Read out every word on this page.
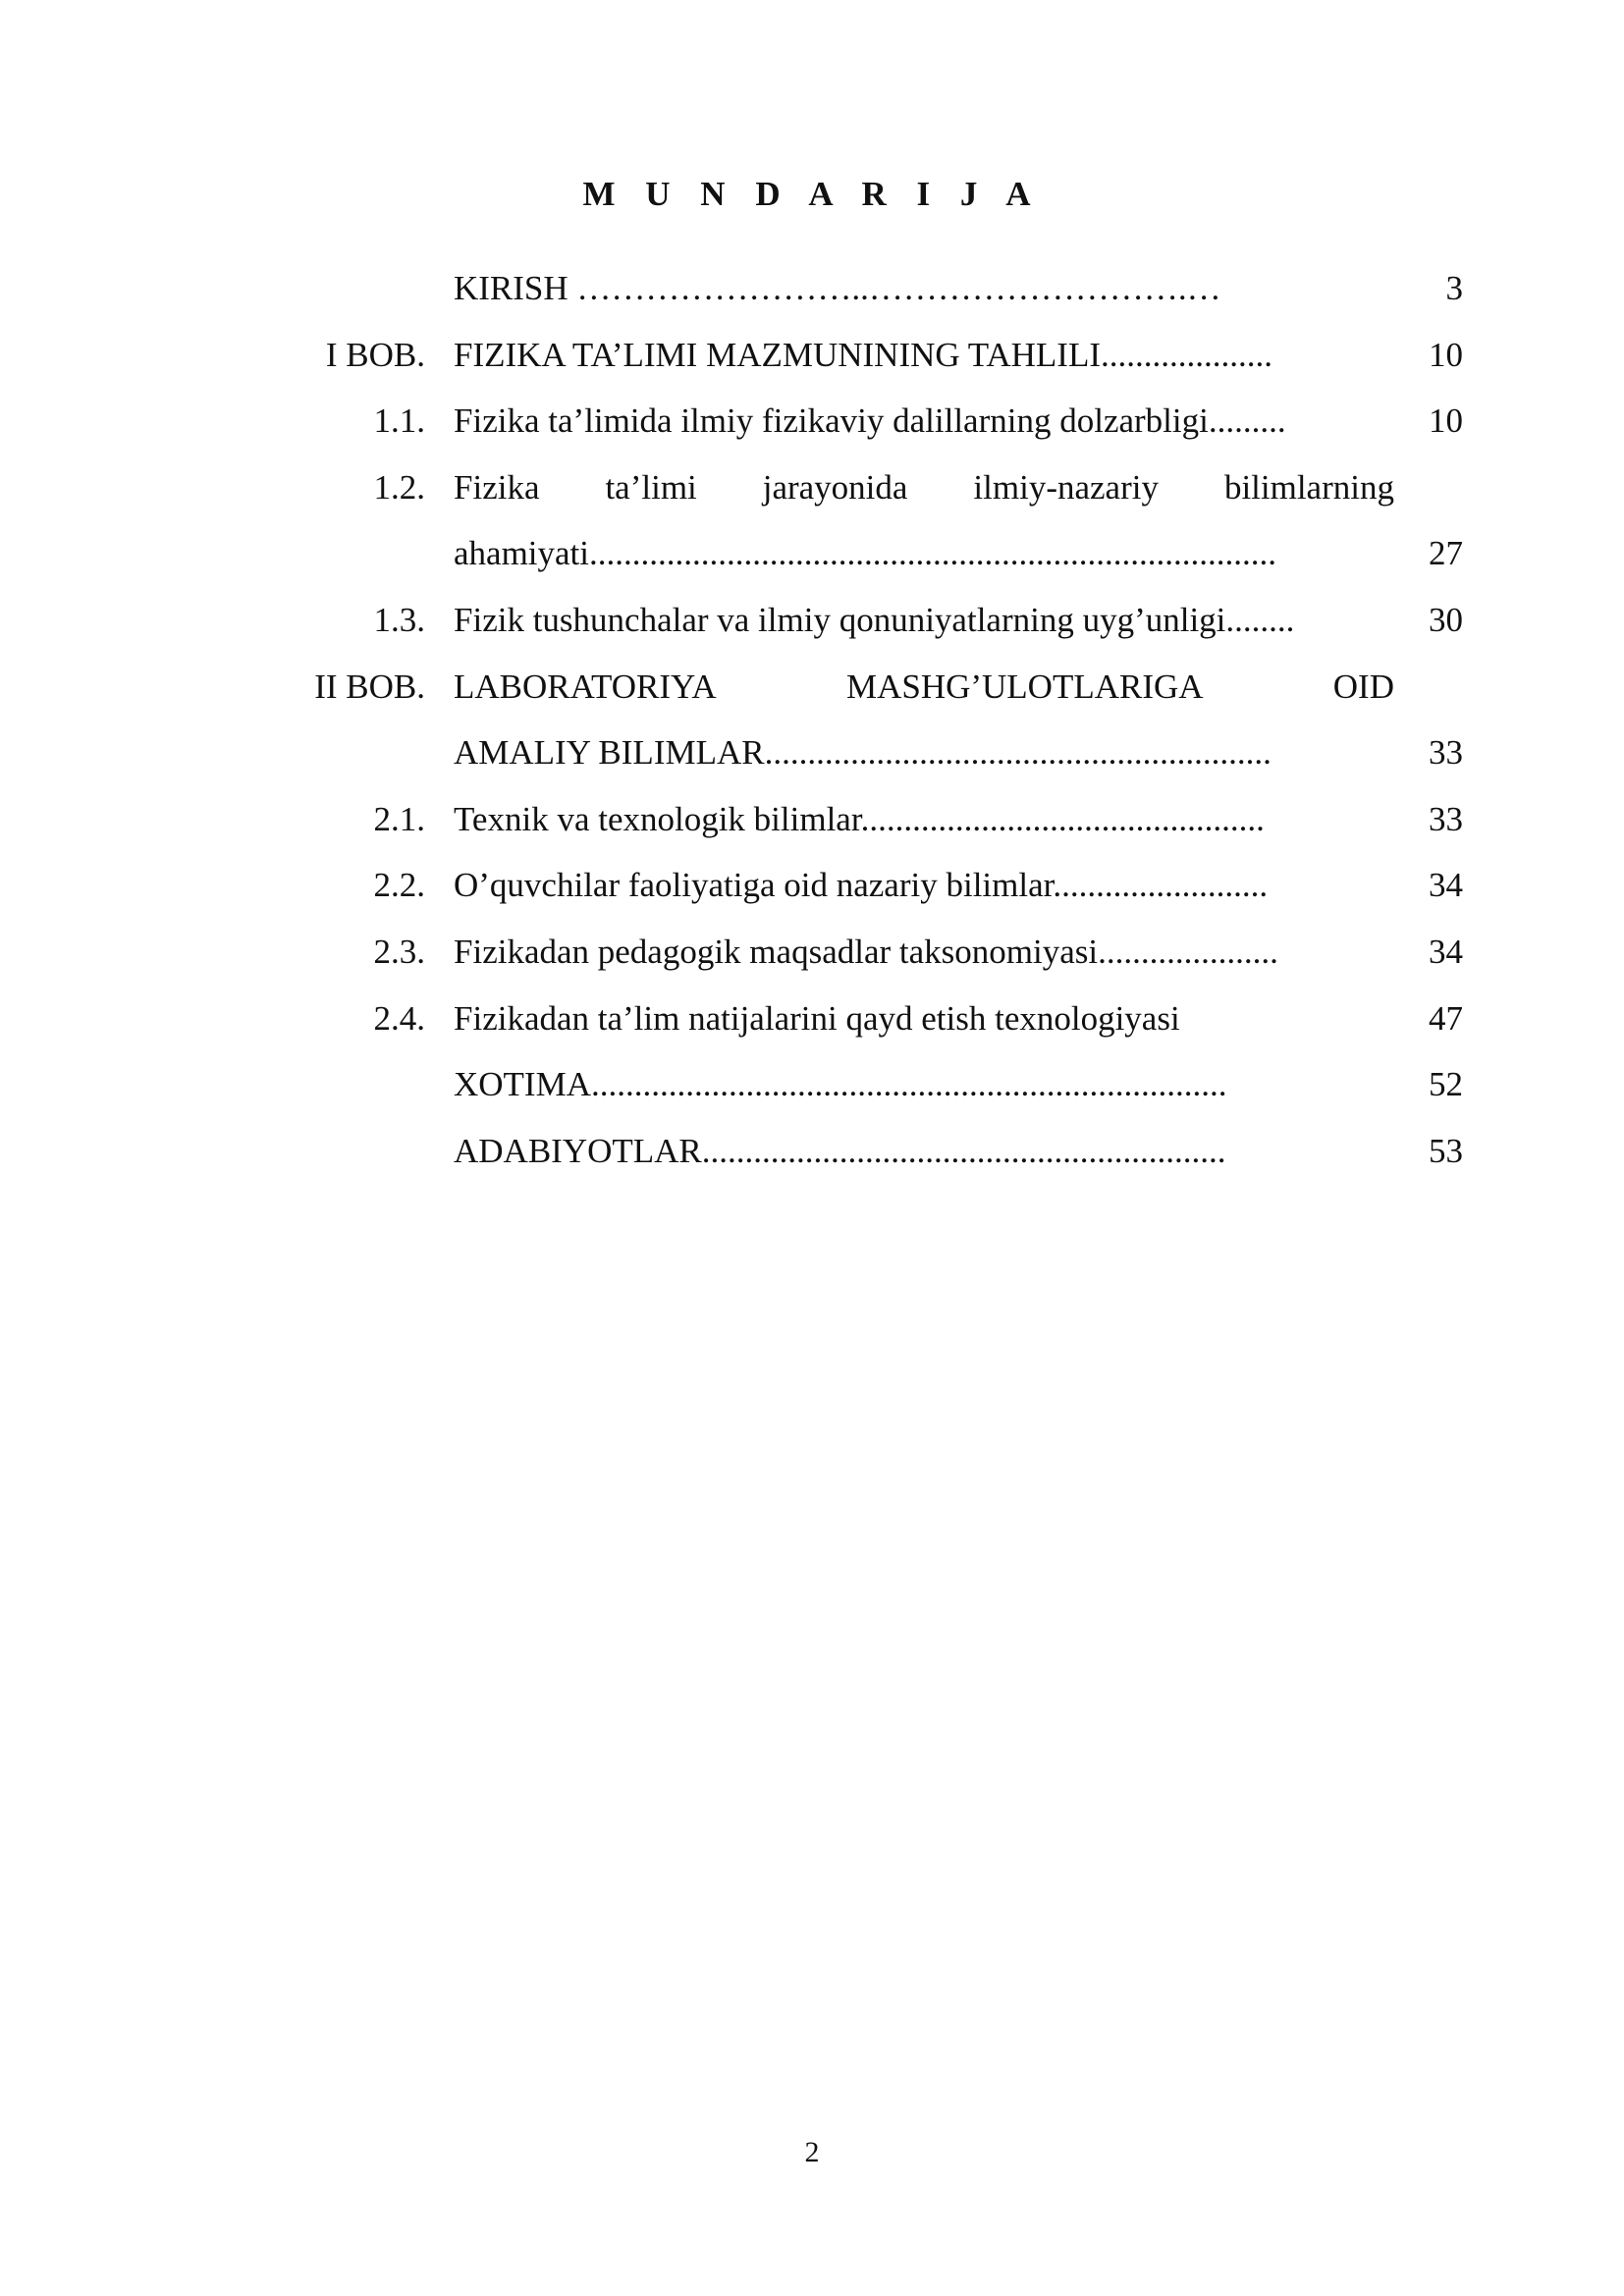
M U N D A R I J A
KIRISH ……………………..……………………….…	3
I BOB. FIZIKA TA’LIMI MAZMUNINING TAHLILI....................	10
1.1. Fizika ta’limida ilmiy fizikaviy dalillarning dolzarbligi.........	10
1.2. Fizika ta’limi jarayonida ilmiy-nazariy bilimlarning
ahamiyati................................................................................	27
1.3. Fizik tushunchalar va ilmiy qonuniyatlarning uyg’unligi........	30
II BOB. LABORATORIYA	MASHG’ULOTLARIGA	OID
AMALIY BILIMLAR...........................................................	33
2.1. Texnik va texnologik bilimlar...............................................	33
2.2. O’quvchilar faoliyatiga oid nazariy bilimlar.........................	34
2.3. Fizikadan pedagogik maqsadlar taksonomiyasi.....................	34
2.4. Fizikadan ta’lim natijalarini qayd etish texnologiyasi	47
XOTIMA..........................................................................	52
ADABIYOTLAR.............................................................	53
2
